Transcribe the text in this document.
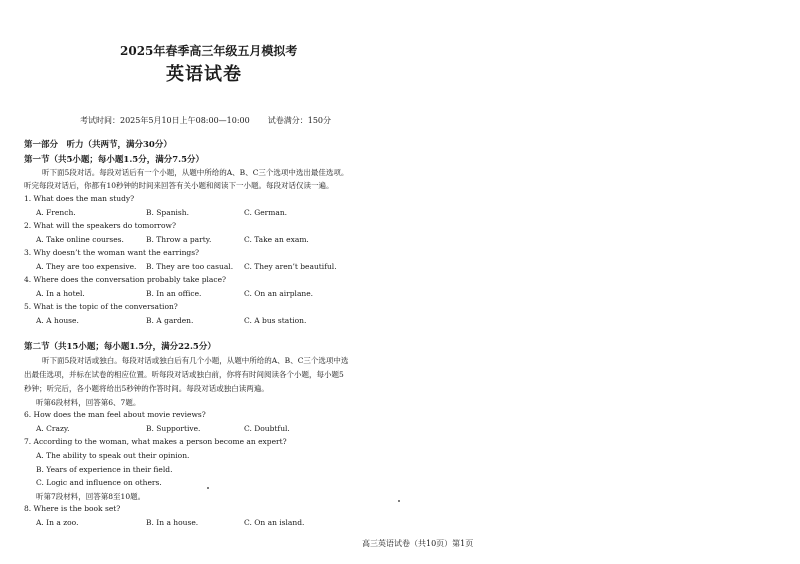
2025年春季高三年级五月模拟考
英语试卷
考试时间：2025年5月10日上午08:00—10:00 试卷满分：150分
第一部分　听力（共两节，满分30分）
第一节（共5小题；每小题1.5分，满分7.5分）
听下面5段对话。每段对话后有一个小题，从题中所给的A、B、C三个选项中选出最佳选项。
听完每段对话后，你都有10秒钟的时间来回答有关小题和阅读下一小题。每段对话仅读一遍。
1. What does the man study?
A. French.	B. Spanish.	C. German.
2. What will the speakers do tomorrow?
A. Take online courses.	B. Throw a party.	C. Take an exam.
3. Why doesn’t the woman want the earrings?
A. They are too expensive. B. They are too casual. C. They aren’t beautiful.
4. Where does the conversation probably take place?
A. In a hotel.	B. In an office.	C. On an airplane.
5. What is the topic of the conversation?
A. A house.	B. A garden.	C. A bus station.
第二节（共15小题；每小题1.5分，满分22.5分）
听下面5段对话或独白。每段对话或独白后有几个小题，从题中所给的A、B、C三个选项中选
出最佳选项，并标在试卷的相应位置。听每段对话或独白前，你将有时间阅读各个小题，每小题5
秒钟；听完后，各小题将给出5秒钟的作答时间。每段对话或独白读两遍。
听第6段材料，回答第6、7题。
6. How does the man feel about movie reviews?
A. Crazy.	B. Supportive.	C. Doubtful.
7. According to the woman, what makes a person become an expert?
A. The ability to speak out their opinion.
B. Years of experience in their field.
C. Logic and influence on others.
听第7段材料，回答第8至10题。
8. Where is the book set?
A. In a zoo.	B. In a house.	C. On an island.
高三英语试卷（共10页）第1页
